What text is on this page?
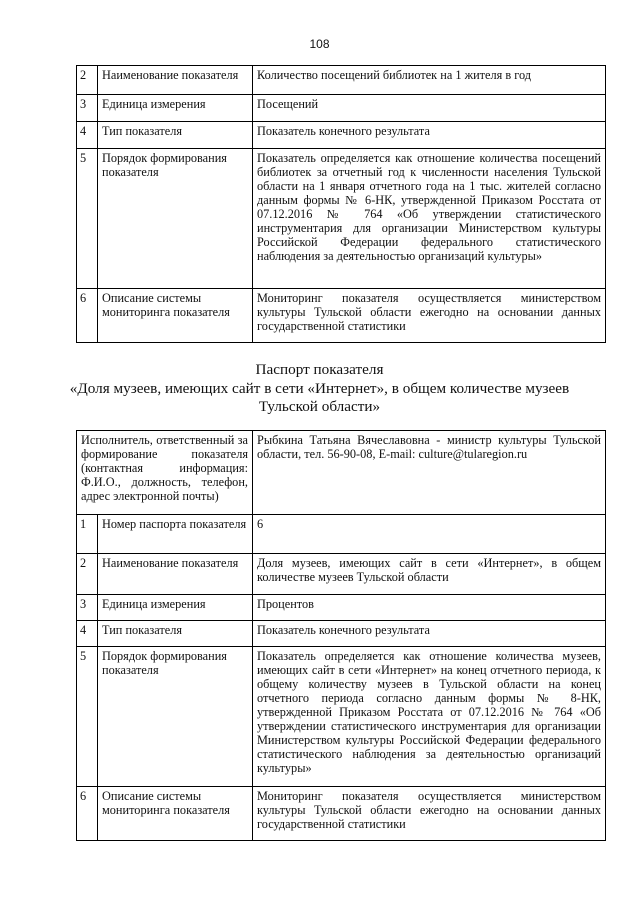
108
2	Наименование показателя	Количество посещений библиотек на 1 жителя в год
3	Единица измерения	Посещений
4	Тип показателя	Показатель конечного результата
5	Порядок формирования показателя	Показатель определяется как отношение количества посещений библиотек за отчетный год к численности населения Тульской области на 1 января отчетного года на 1 тыс. жителей согласно данным формы № 6-НК, утвержденной Приказом Росстата от 07.12.2016 № 764 «Об утверждении статистического инструментария для организации Министерством культуры Российской Федерации федерального статистического наблюдения за деятельностью организаций культуры»
6	Описание системы мониторинга показателя	Мониторинг показателя осуществляется министерством культуры Тульской области ежегодно на основании данных государственной статистики
Паспорт показателя
«Доля музеев, имеющих сайт в сети «Интернет», в общем количестве музеев
Тульской области»
Исполнитель, ответственный за формирование показателя (контактная информация: Ф.И.О., должность, телефон, адрес электронной почты)		Рыбкина Татьяна Вячеславовна - министр культуры Тульской области, тел. 56-90-08, E-mail: culture@tularegion.ru
1	Номер паспорта показателя	6
2	Наименование показателя	Доля музеев, имеющих сайт в сети «Интернет», в общем количестве музеев Тульской области
3	Единица измерения	Процентов
4	Тип показателя	Показатель конечного результата
5	Порядок формирования показателя	Показатель определяется как отношение количества музеев, имеющих сайт в сети «Интернет» на конец отчетного периода, к общему количеству музеев в Тульской области на конец отчетного периода согласно данным формы № 8-НК, утвержденной Приказом Росстата от 07.12.2016 № 764 «Об утверждении статистического инструментария для организации Министерством культуры Российской Федерации федерального статистического наблюдения за деятельностью организаций культуры»
6	Описание системы мониторинга показателя	Мониторинг показателя осуществляется министерством культуры Тульской области ежегодно на основании данных государственной статистики
